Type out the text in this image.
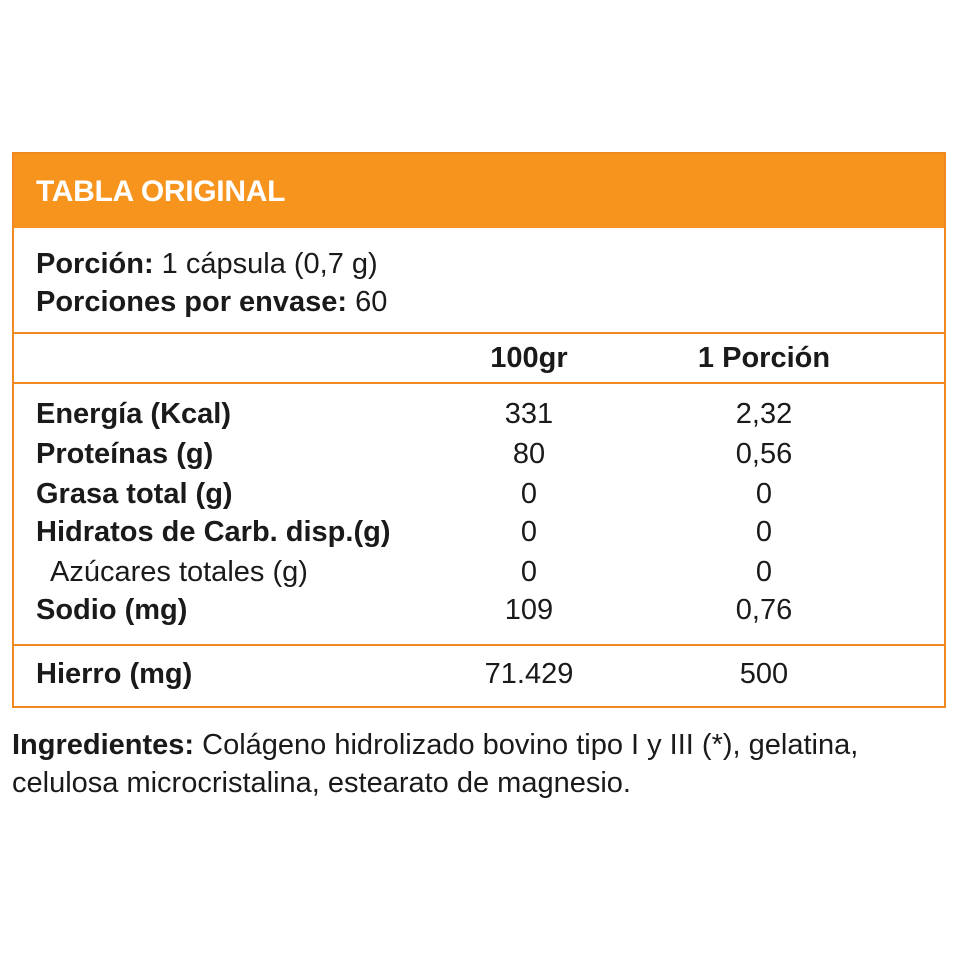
TABLA ORIGINAL
Porción: 1 cápsula (0,7 g)
Porciones por envase: 60
100gr	1 Porción
Energía (Kcal)	331	2,32
Proteínas (g)	80	0,56
Grasa total (g)	0	0
Hidratos de Carb. disp.(g)	0	0
Azúcares totales (g)	0	0
Sodio (mg)	109	0,76
Hierro (mg)	71.429	500
Ingredientes: Colágeno hidrolizado bovino tipo I y III (*), gelatina, celulosa microcristalina, estearato de magnesio.
